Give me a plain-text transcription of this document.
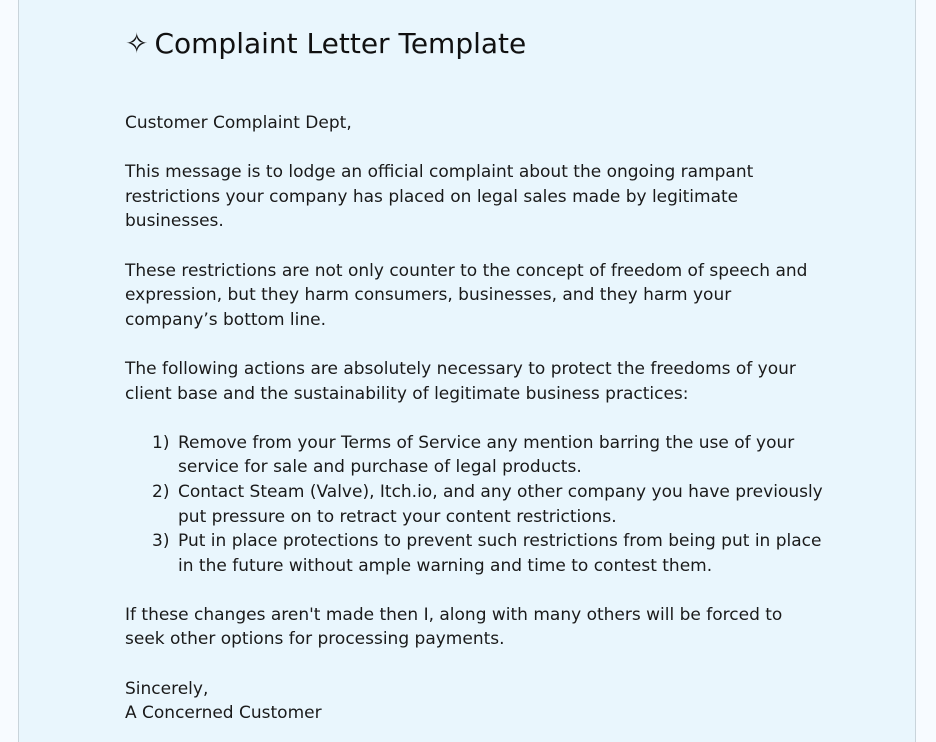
✧ Complaint Letter Template

Customer Complaint Dept,

This message is to lodge an official complaint about the ongoing rampant restrictions your company has placed on legal sales made by legitimate businesses.

These restrictions are not only counter to the concept of freedom of speech and expression, but they harm consumers, businesses, and they harm your company’s bottom line.

The following actions are absolutely necessary to protect the freedoms of your client base and the sustainability of legitimate business practices:

1) Remove from your Terms of Service any mention barring the use of your service for sale and purchase of legal products.
2) Contact Steam (Valve), Itch.io, and any other company you have previously put pressure on to retract your content restrictions.
3) Put in place protections to prevent such restrictions from being put in place in the future without ample warning and time to contest them.

If these changes aren't made then I, along with many others will be forced to seek other options for processing payments.

Sincerely,

A Concerned Customer
